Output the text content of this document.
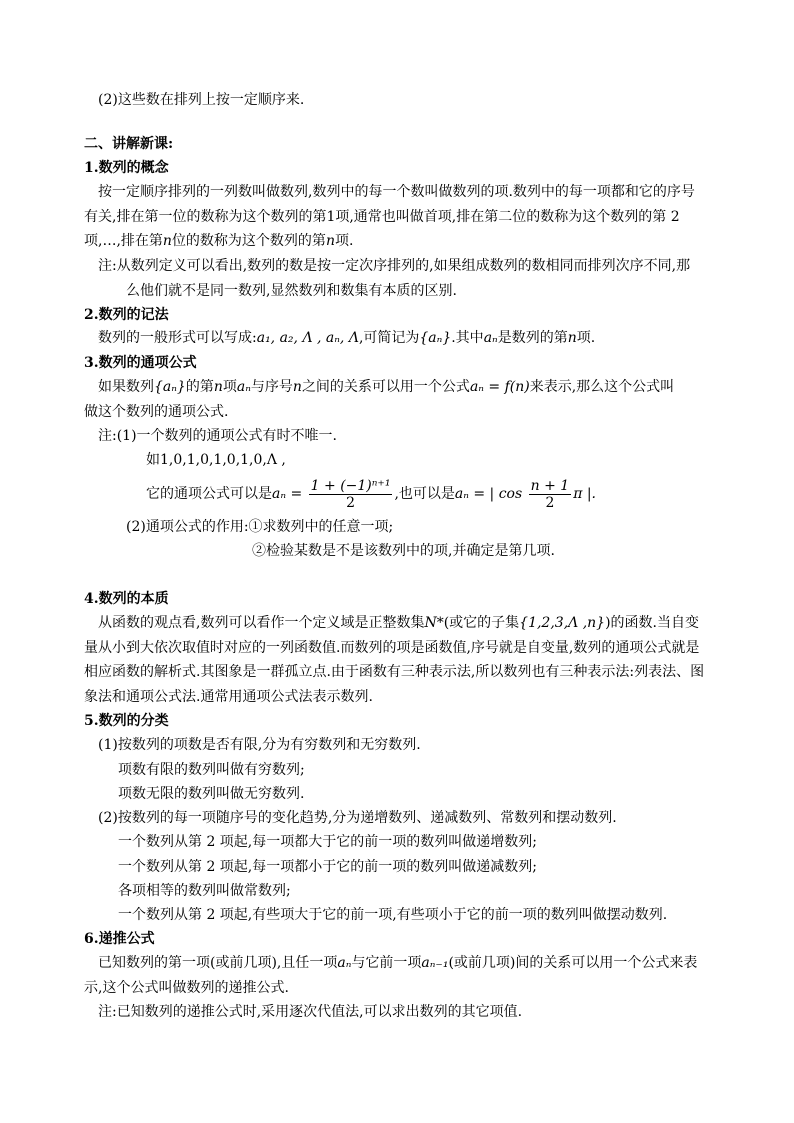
(2)这些数在排列上按一定顺序来.
二、讲解新课:
1.数列的概念
按一定顺序排列的一列数叫做数列,数列中的每一个数叫做数列的项.数列中的每一项都和它的序号
有关,排在第一位的数称为这个数列的第1项,通常也叫做首项,排在第二位的数称为这个数列的第 2
项,…,排在第n位的数称为这个数列的第n项.
注:从数列定义可以看出,数列的数是按一定次序排列的,如果组成数列的数相同而排列次序不同,那
么他们就不是同一数列,显然数列和数集有本质的区别.
2.数列的记法
数列的一般形式可以写成:a₁, a₂, Λ , aₙ, Λ,可简记为{aₙ}.其中aₙ是数列的第n项.
3.数列的通项公式
如果数列{aₙ}的第n项aₙ与序号n之间的关系可以用一个公式aₙ = f(n)来表示,那么这个公式叫
做这个数列的通项公式.
注:(1)一个数列的通项公式有时不唯一.
如1,0,1,0,1,0,1,0,Λ ,
它的通项公式可以是$a_n = \frac{\text{1 + (−1)ⁿ⁺¹}}{2}$ ,也可以是aₙ = | $\cos \frac{n + 1}{2}$ π |.
(2)通项公式的作用:①求数列中的任意一项;
②检验某数是不是该数列中的项,并确定是第几项.
4.数列的本质
从函数的观点看,数列可以看作一个定义域是正整数集N*(或它的子集{1,2,3,Λ ,n})的函数.当自变
量从小到大依次取值时对应的一列函数值.而数列的项是函数值,序号就是自变量,数列的通项公式就是
相应函数的解析式.其图象是一群孤立点.由于函数有三种表示法,所以数列也有三种表示法:列表法、图
象法和通项公式法.通常用通项公式法表示数列.
5.数列的分类
(1)按数列的项数是否有限,分为有穷数列和无穷数列.
项数有限的数列叫做有穷数列;
项数无限的数列叫做无穷数列.
(2)按数列的每一项随序号的变化趋势,分为递增数列、递减数列、常数列和摆动数列.
一个数列从第 2 项起,每一项都大于它的前一项的数列叫做递增数列;
一个数列从第 2 项起,每一项都小于它的前一项的数列叫做递减数列;
各项相等的数列叫做常数列;
一个数列从第 2 项起,有些项大于它的前一项,有些项小于它的前一项的数列叫做摆动数列.
6.递推公式
已知数列的第一项(或前几项),且任一项aₙ与它前一项aₙ₋₁(或前几项)间的关系可以用一个公式来表
示,这个公式叫做数列的递推公式.
注:已知数列的递推公式时,采用逐次代值法,可以求出数列的其它项值.
